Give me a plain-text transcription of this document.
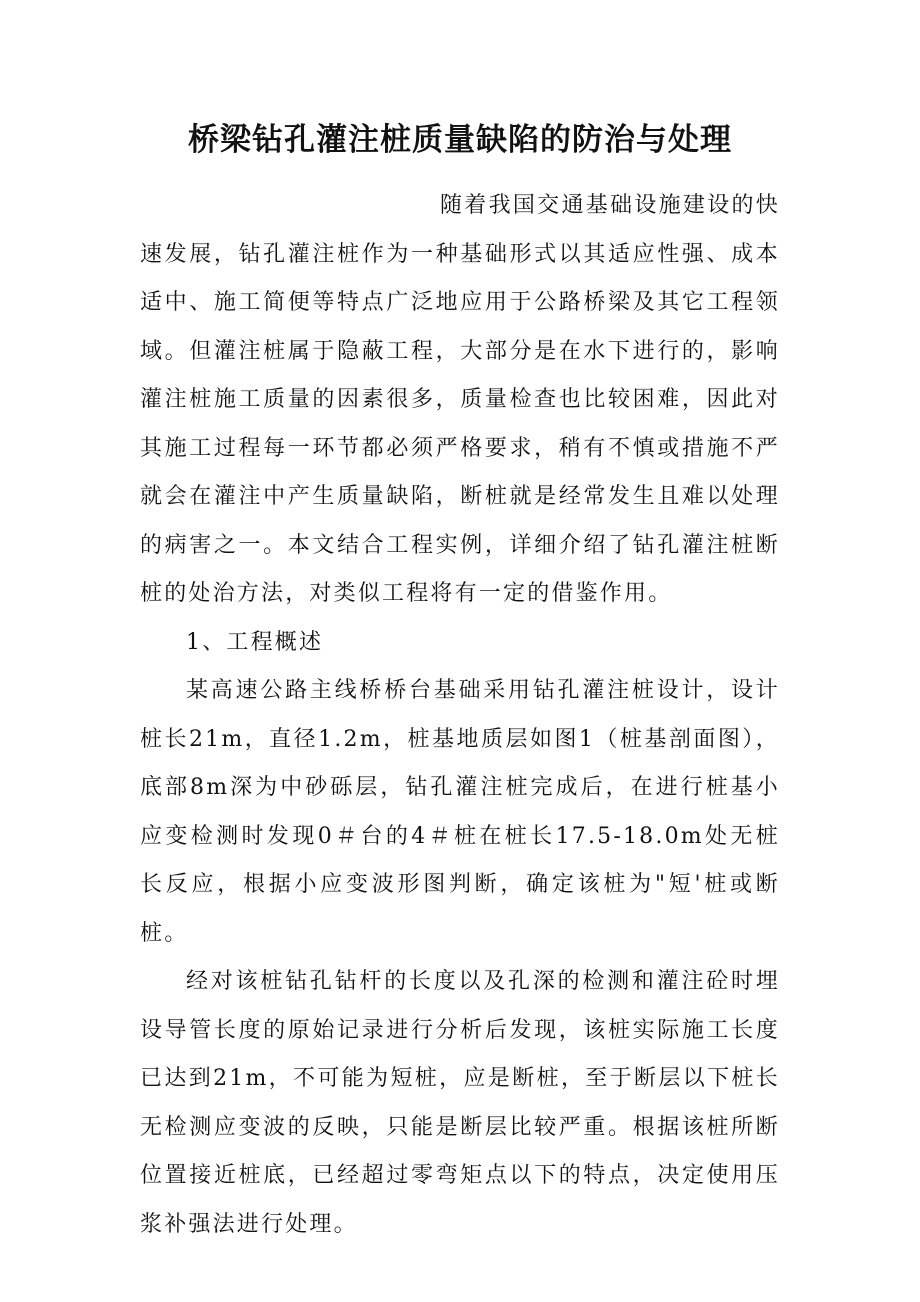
桥梁钻孔灌注桩质量缺陷的防治与处理

随着我国交通基础设施建设的快速发展，钻孔灌注桩作为一种基础形式以其适应性强、成本适中、施工简便等特点广泛地应用于公路桥梁及其它工程领域。但灌注桩属于隐蔽工程，大部分是在水下进行的，影响灌注桩施工质量的因素很多，质量检查也比较困难，因此对其施工过程每一环节都必须严格要求，稍有不慎或措施不严就会在灌注中产生质量缺陷，断桩就是经常发生且难以处理的病害之一。本文结合工程实例，详细介绍了钻孔灌注桩断桩的处治方法，对类似工程将有一定的借鉴作用。

1、工程概述

某高速公路主线桥桥台基础采用钻孔灌注桩设计，设计桩长21m，直径1.2m，桩基地质层如图1（桩基剖面图），底部8m深为中砂砾层，钻孔灌注桩完成后，在进行桩基小应变检测时发现0＃台的4＃桩在桩长17.5-18.0m处无桩长反应，根据小应变波形图判断，确定该桩为"短'桩或断桩。

经对该桩钻孔钻杆的长度以及孔深的检测和灌注砼时埋设导管长度的原始记录进行分析后发现，该桩实际施工长度已达到21m，不可能为短桩，应是断桩，至于断层以下桩长无检测应变波的反映，只能是断层比较严重。根据该桩所断位置接近桩底，已经超过零弯矩点以下的特点，决定使用压浆补强法进行处理。
